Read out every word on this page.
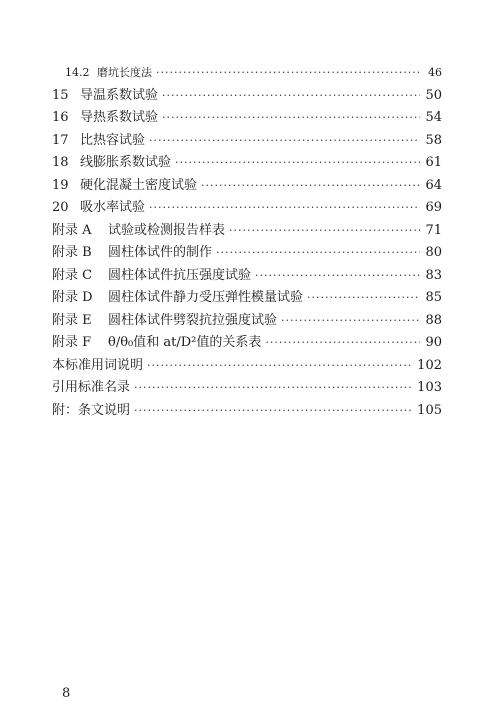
14.2 磨坑长度法 ·····	46
15 导温系数试验 ·····	50
16 导热系数试验 ·····	54
17 比热容试验 ·····	58
18 线膨胀系数试验 ·····	61
19 硬化混凝土密度试验 ·····	64
20 吸水率试验 ·····	69
附录 A	试验或检测报告样表 ·····	71
附录 B	圆柱体试件的制作 ·····	80
附录 C	圆柱体试件抗压强度试验 ·····	83
附录 D	圆柱体试件静力受压弹性模量试验 ·····	85
附录 E	圆柱体试件劈裂抗拉强度试验 ·····	88
附录 F	θ/θ₀值和 at/D²值的关系表 ·····	90
本标准用词说明 ·····	102
引用标准名录 ·····	103
附：条文说明 ·····	105
8
